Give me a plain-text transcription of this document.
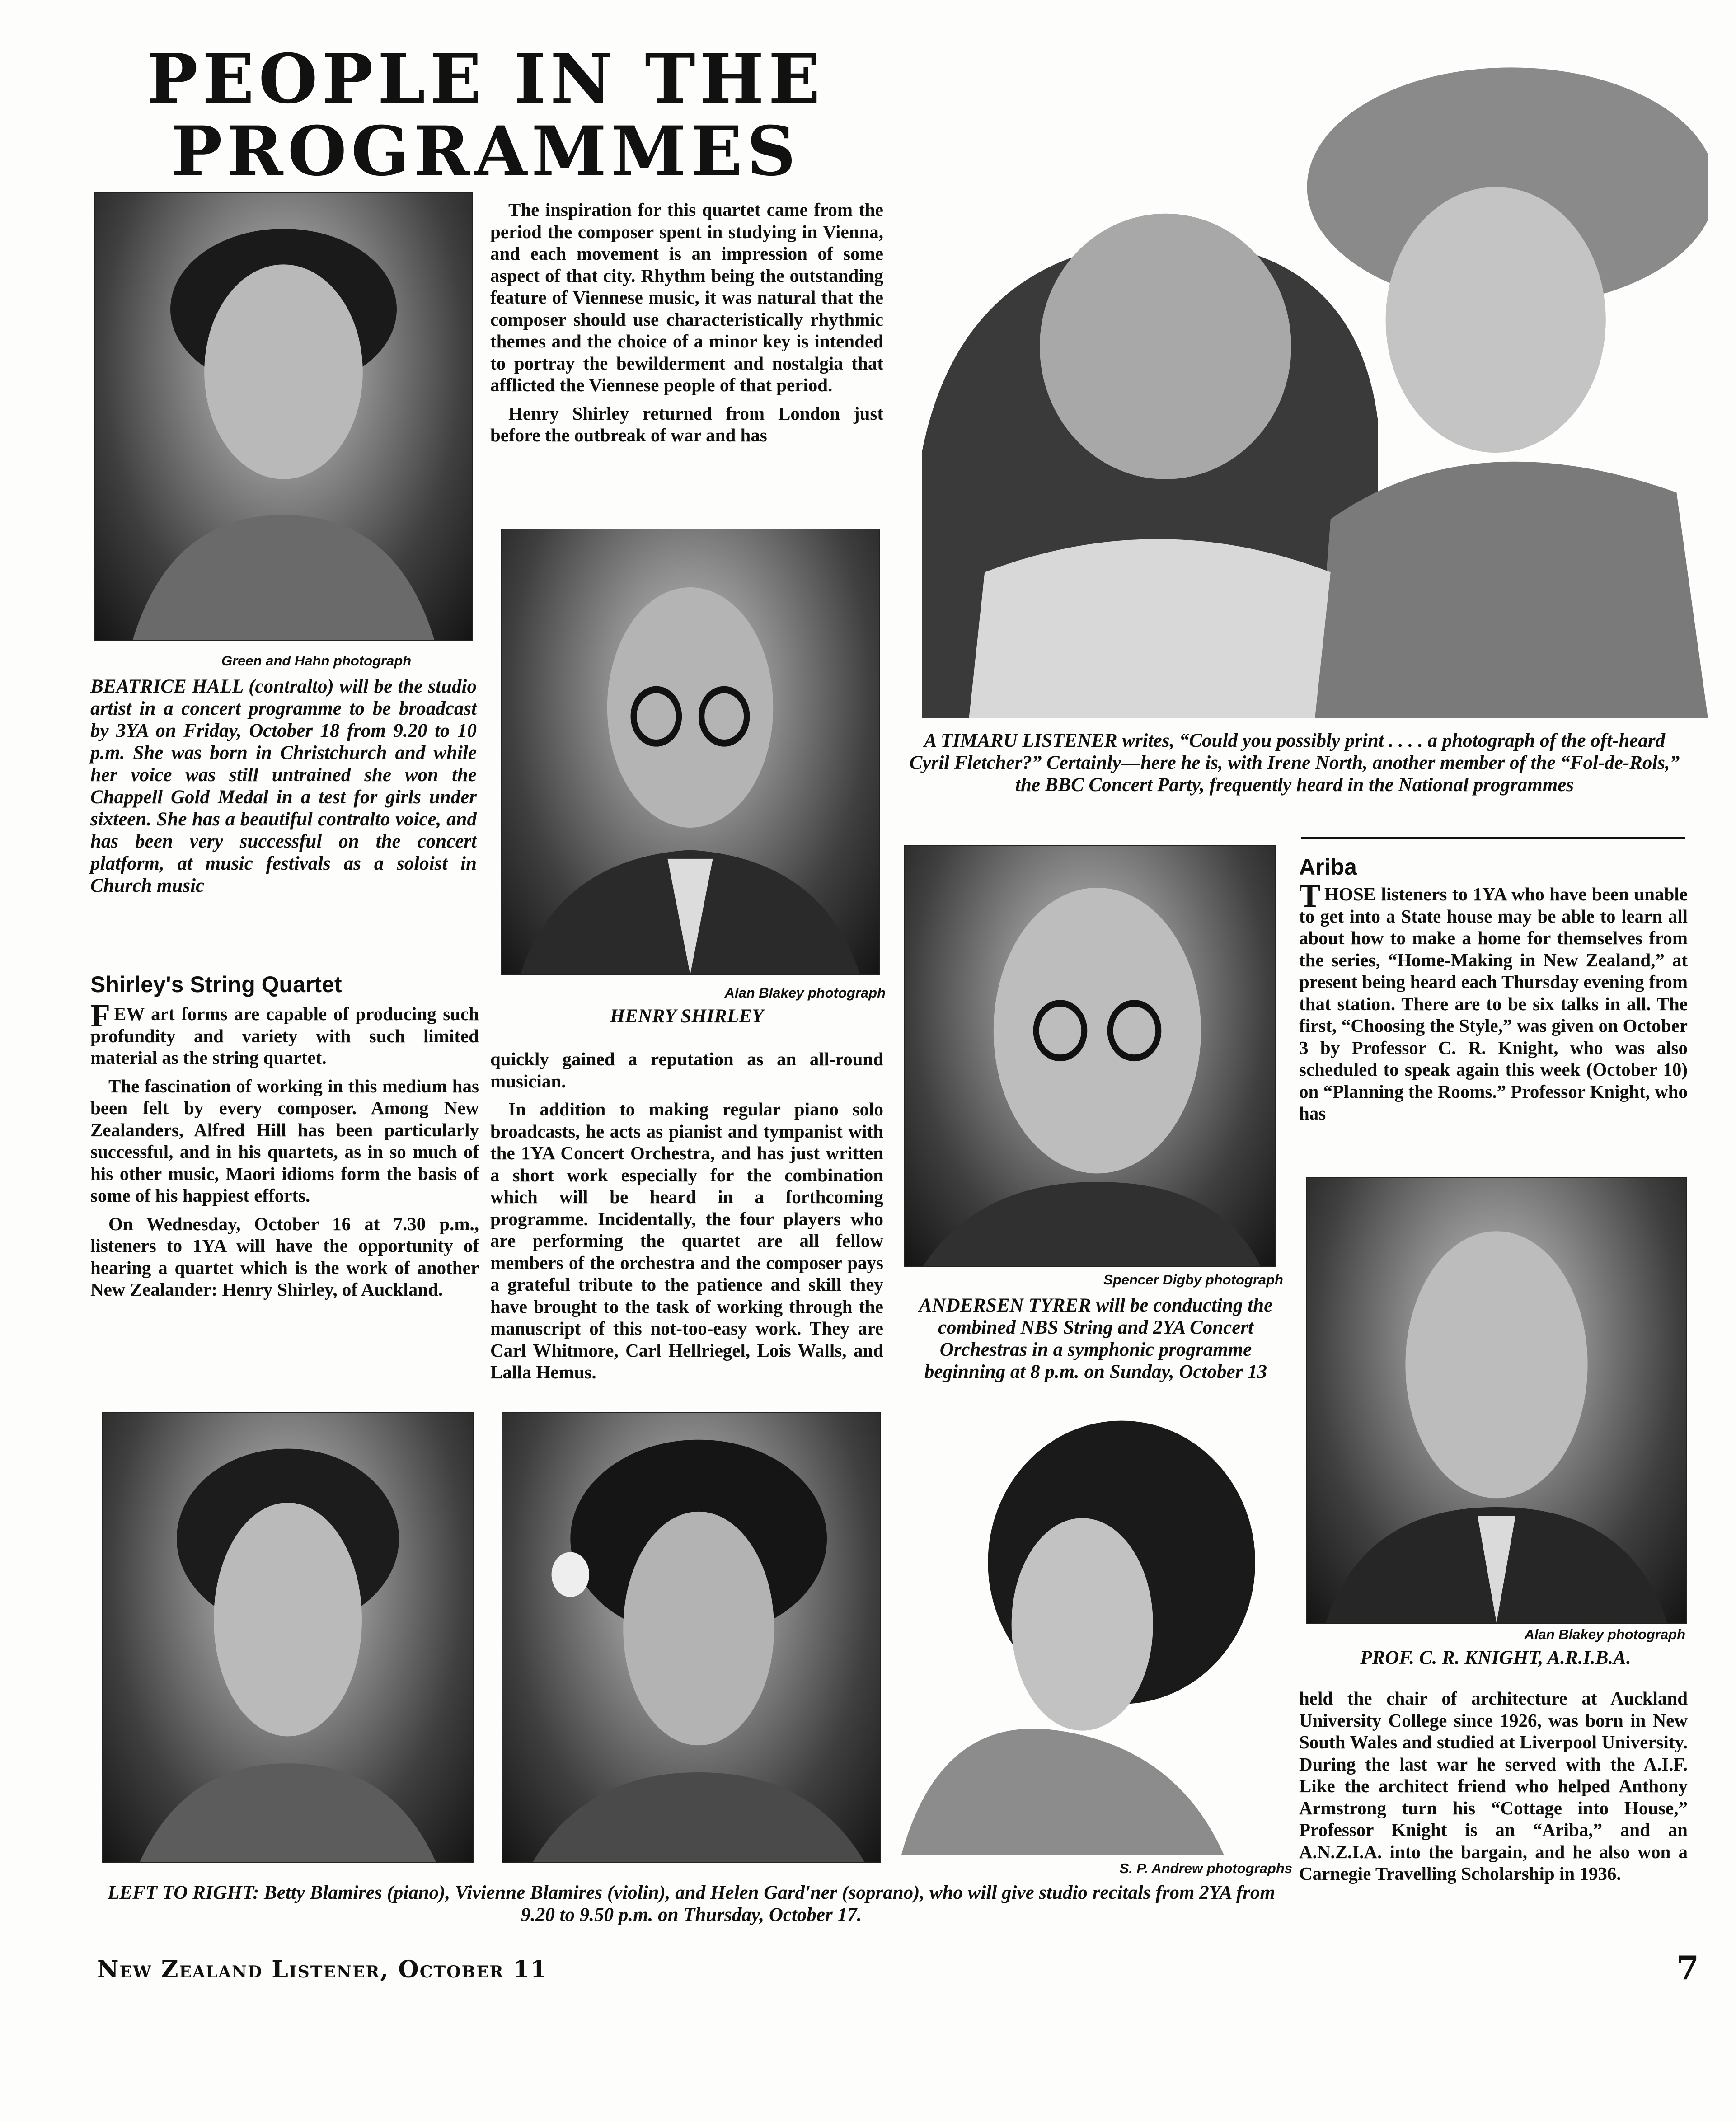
PEOPLE IN THE
PROGRAMMES
Green and Hahn photograph
BEATRICE HALL (contralto) will be the studio artist in a concert programme to be broadcast by 3YA on Friday, October 18 from 9.20 to 10 p.m. She was born in Christchurch and while her voice was still untrained she won the Chappell Gold Medal in a test for girls under sixteen. She has a beautiful contralto voice, and has been very successful on the concert platform, at music festivals as a soloist in Church music
Shirley's String Quartet

FEW art forms are capable of producing such profundity and variety with such limited material as the string quartet.

The fascination of working in this medium has been felt by every composer. Among New Zealanders, Alfred Hill has been particularly successful, and in his quartets, as in so much of his other music, Maori idioms form the basis of some of his happiest efforts.

On Wednesday, October 16 at 7.30 p.m., listeners to 1YA will have the opportunity of hearing a quartet which is the work of another New Zealander: Henry Shirley, of Auckland.

The inspiration for this quartet came from the period the composer spent in studying in Vienna, and each movement is an impression of some aspect of that city. Rhythm being the outstanding feature of Viennese music, it was natural that the composer should use characteristically rhythmic themes and the choice of a minor key is intended to portray the bewilderment and nostalgia that afflicted the Viennese people of that period.

Henry Shirley returned from London just before the outbreak of war and has

Alan Blakey photograph
HENRY SHIRLEY

quickly gained a reputation as an all-round musician.

In addition to making regular piano solo broadcasts, he acts as pianist and tympanist with the 1YA Concert Orchestra, and has just written a short work especially for the combination which will be heard in a forthcoming programme. Incidentally, the four players who are performing the quartet are all fellow members of the orchestra and the composer pays a grateful tribute to the patience and skill they have brought to the task of working through the manuscript of this not-too-easy work. They are Carl Whitmore, Carl Hellriegel, Lois Walls, and Lalla Hemus.

A TIMARU LISTENER writes, “Could you possibly print . . . . a photograph of the oft-heard Cyril Fletcher?” Certainly—here he is, with Irene North, another member of the “Fol-de-Rols,” the BBC Concert Party, frequently heard in the National programmes
Spencer Digby photograph
ANDERSEN TYRER will be conducting the combined NBS String and 2YA Concert Orchestras in a symphonic programme beginning at 8 p.m. on Sunday, October 13
Ariba

THOSE listeners to 1YA who have been unable to get into a State house may be able to learn all about how to make a home for themselves from the series, “Home-Making in New Zealand,” at present being heard each Thursday evening from that station. There are to be six talks in all. The first, “Choosing the Style,” was given on October 3 by Professor C. R. Knight, who was also scheduled to speak again this week (October 10) on “Planning the Rooms.” Professor Knight, who has

Alan Blakey photograph
PROF. C. R. KNIGHT, A.R.I.B.A.

held the chair of architecture at Auckland University College since 1926, was born in New South Wales and studied at Liverpool University. During the last war he served with the A.I.F. Like the architect friend who helped Anthony Armstrong turn his “Cottage into House,” Professor Knight is an “Ariba,” and an A.N.Z.I.A. into the bargain, and he also won a Carnegie Travelling Scholarship in 1936.

S. P. Andrew photographs
LEFT TO RIGHT: Betty Blamires (piano), Vivienne Blamires (violin), and Helen Gard'ner (soprano), who will give studio recitals from 2YA from 9.20 to 9.50 p.m. on Thursday, October 17.
New Zealand Listener, October 11	7
